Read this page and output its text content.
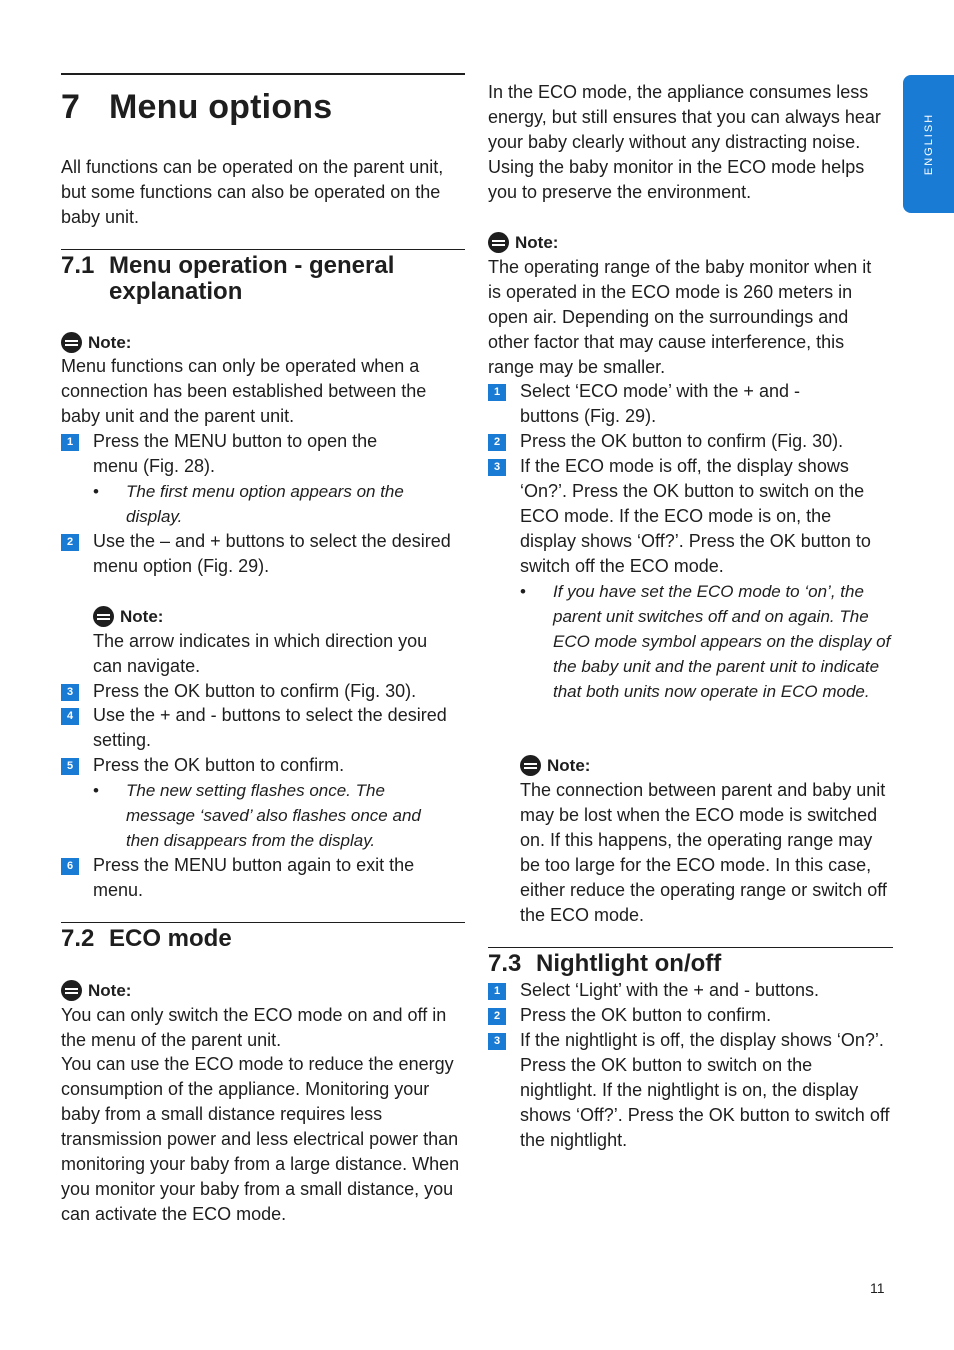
7 Menu options

All functions can be operated on the parent unit, but some functions can also be operated on the baby unit.

7.1 Menu operation - general
explanation
Note:

Menu functions can only be operated when a connection has been established between the baby unit and the parent unit.

1	Press the MENU button to open the menu (Fig. 28).
•	The first menu option appears on the display.
2	Use the – and + buttons to select the desired menu option (Fig. 29).
Note:

The arrow indicates in which direction you can navigate.

3	Press the OK button to confirm (Fig. 30).
4	Use the + and - buttons to select the desired setting.
5	Press the OK button to confirm.
•	The new setting flashes once. The message ‘saved’ also flashes once and then disappears from the display.
6	Press the MENU button again to exit the menu.
7.2 ECO mode
Note:

You can only switch the ECO mode on and off in the menu of the parent unit.

You can use the ECO mode to reduce the energy consumption of the appliance. Monitoring your baby from a small distance requires less transmission power and less electrical power than monitoring your baby from a large distance. When you monitor your baby from a small distance, you can activate the ECO mode.

In the ECO mode, the appliance consumes less energy, but still ensures that you can always hear your baby clearly without any distracting noise. Using the baby monitor in the ECO mode helps you to preserve the environment.

Note:

The operating range of the baby monitor when it is operated in the ECO mode is 260 meters in open air. Depending on the surroundings and other factor that may cause interference, this range may be smaller.

1	Select ‘ECO mode’ with the + and - buttons (Fig. 29).
2	Press the OK button to confirm (Fig. 30).
3	If the ECO mode is off, the display shows ‘On?’. Press the OK button to switch on the ECO mode. If the ECO mode is on, the display shows ‘Off?’. Press the OK button to switch off the ECO mode.
•	If you have set the ECO mode to ‘on’, the parent unit switches off and on again. The ECO mode symbol appears on the display of the baby unit and the parent unit to indicate that both units now operate in ECO mode.
Note:

The connection between parent and baby unit may be lost when the ECO mode is switched on. If this happens, the operating range may be too large for the ECO mode. In this case, either reduce the operating range or switch off the ECO mode.

7.3 Nightlight on/off
1	Select ‘Light’ with the + and - buttons.
2	Press the OK button to confirm.
3	If the nightlight is off, the display shows ‘On?’. Press the OK button to switch on the nightlight. If the nightlight is on, the display shows ‘Off?’. Press the OK button to switch off the nightlight.
ENGLISH
11
